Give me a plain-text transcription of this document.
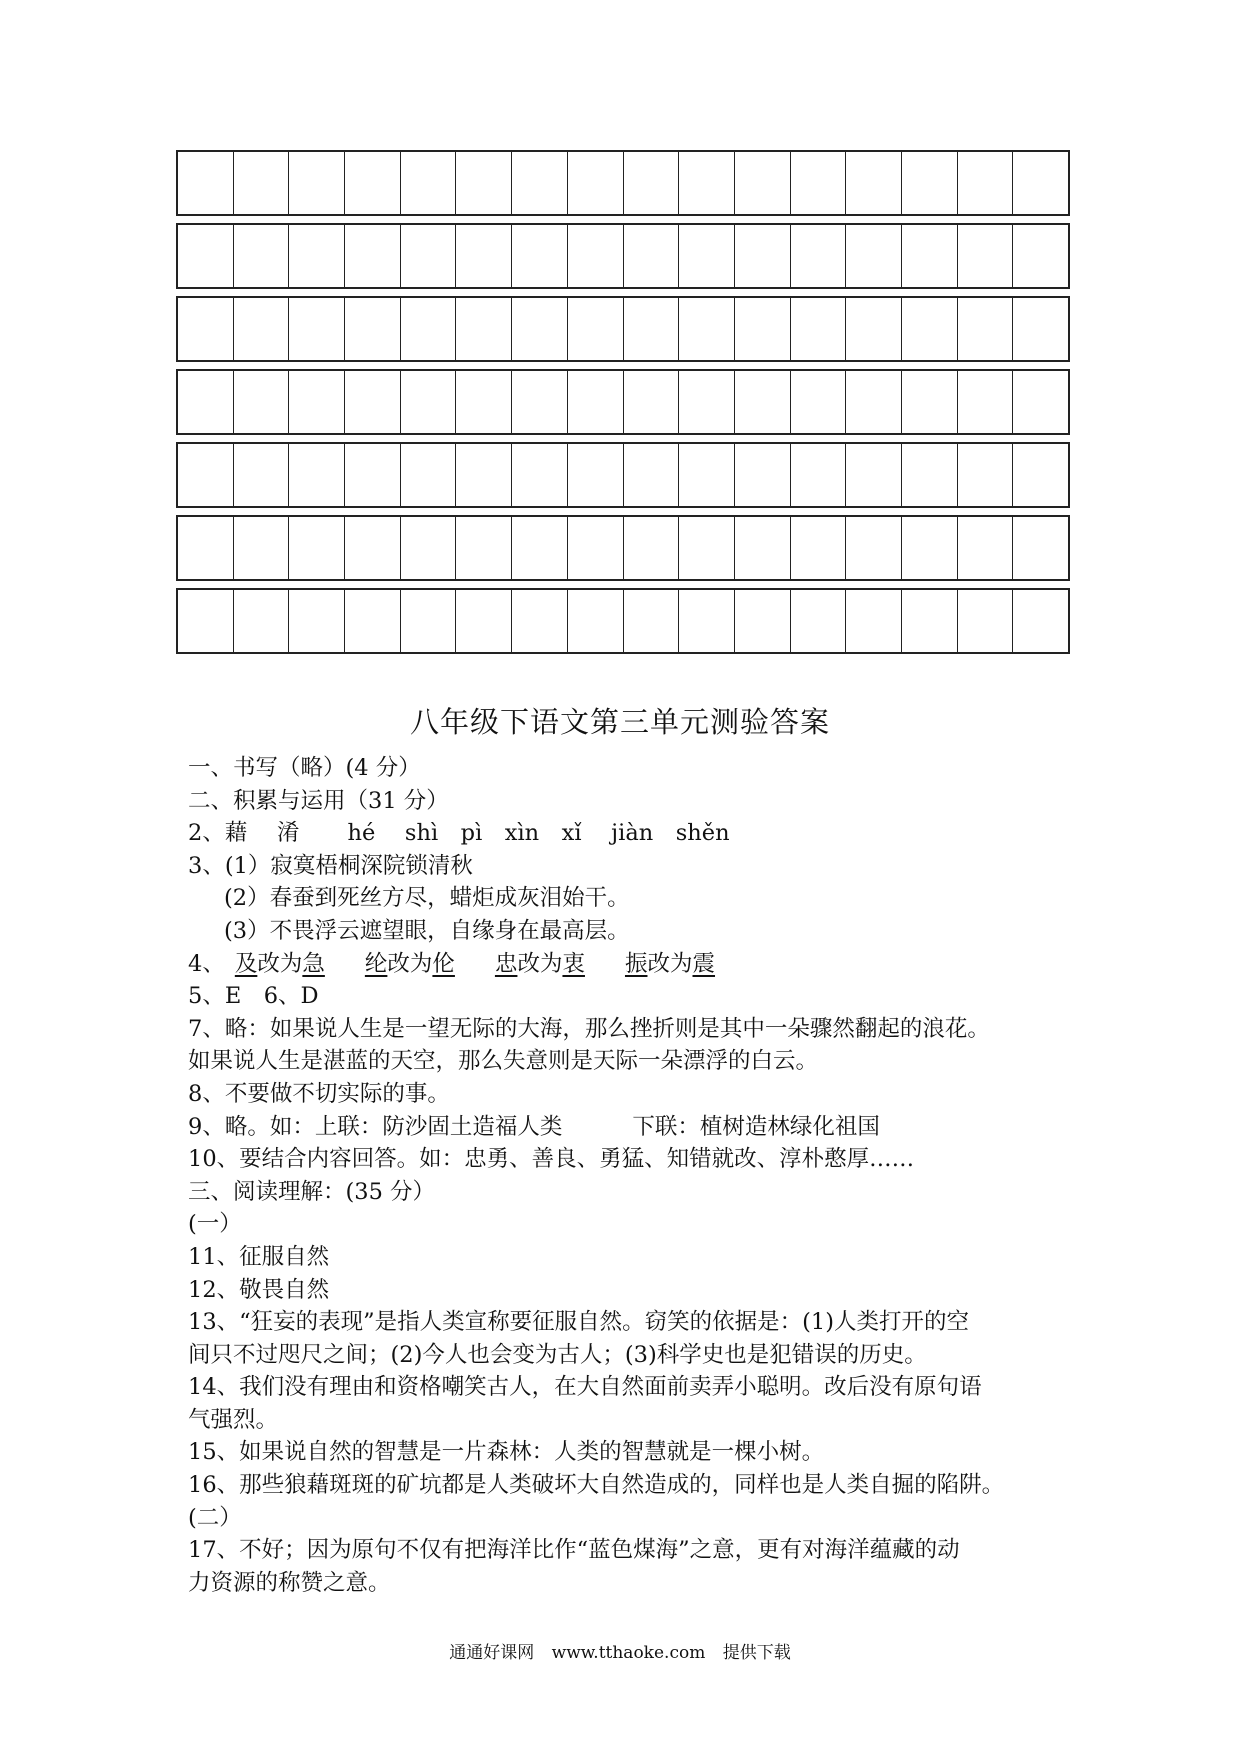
八年级下语文第三单元测验答案

一、书写（略）(4 分）

二、积累与运用（31 分）

2、藉　 淆 hé　 shì　pì　xìn　xǐ　 jiàn　shěn

3、(1）寂寞梧桐深院锁清秋

(2）春蚕到死丝方尽，蜡炬成灰泪始干。

(3）不畏浮云遮望眼，自缘身在最高层。

4、 及改为急 纶改为伦 忠改为衷 振改为震

5、E　6、D

7、略：如果说人生是一望无际的大海，那么挫折则是其中一朵骤然翻起的浪花。

如果说人生是湛蓝的天空，那么失意则是天际一朵漂浮的白云。

8、不要做不切实际的事。

9、略。如：上联：防沙固土造福人类	下联：植树造林绿化祖国

10、要结合内容回答。如：忠勇、善良、勇猛、知错就改、淳朴憨厚……

三、阅读理解：(35 分）

(一）

11、征服自然

12、敬畏自然

13、“狂妄的表现”是指人类宣称要征服自然。窃笑的依据是：(1)人类打开的空

间只不过咫尺之间；(2)今人也会变为古人；(3)科学史也是犯错误的历史。

14、我们没有理由和资格嘲笑古人，在大自然面前卖弄小聪明。改后没有原句语

气强烈。

15、如果说自然的智慧是一片森林：人类的智慧就是一棵小树。

16、那些狼藉斑斑的矿坑都是人类破坏大自然造成的，同样也是人类自掘的陷阱。

(二）

17、不好；因为原句不仅有把海洋比作“蓝色煤海”之意，更有对海洋蕴藏的动

力资源的称赞之意。

通通好课网 www.tthaoke.com 提供下载
